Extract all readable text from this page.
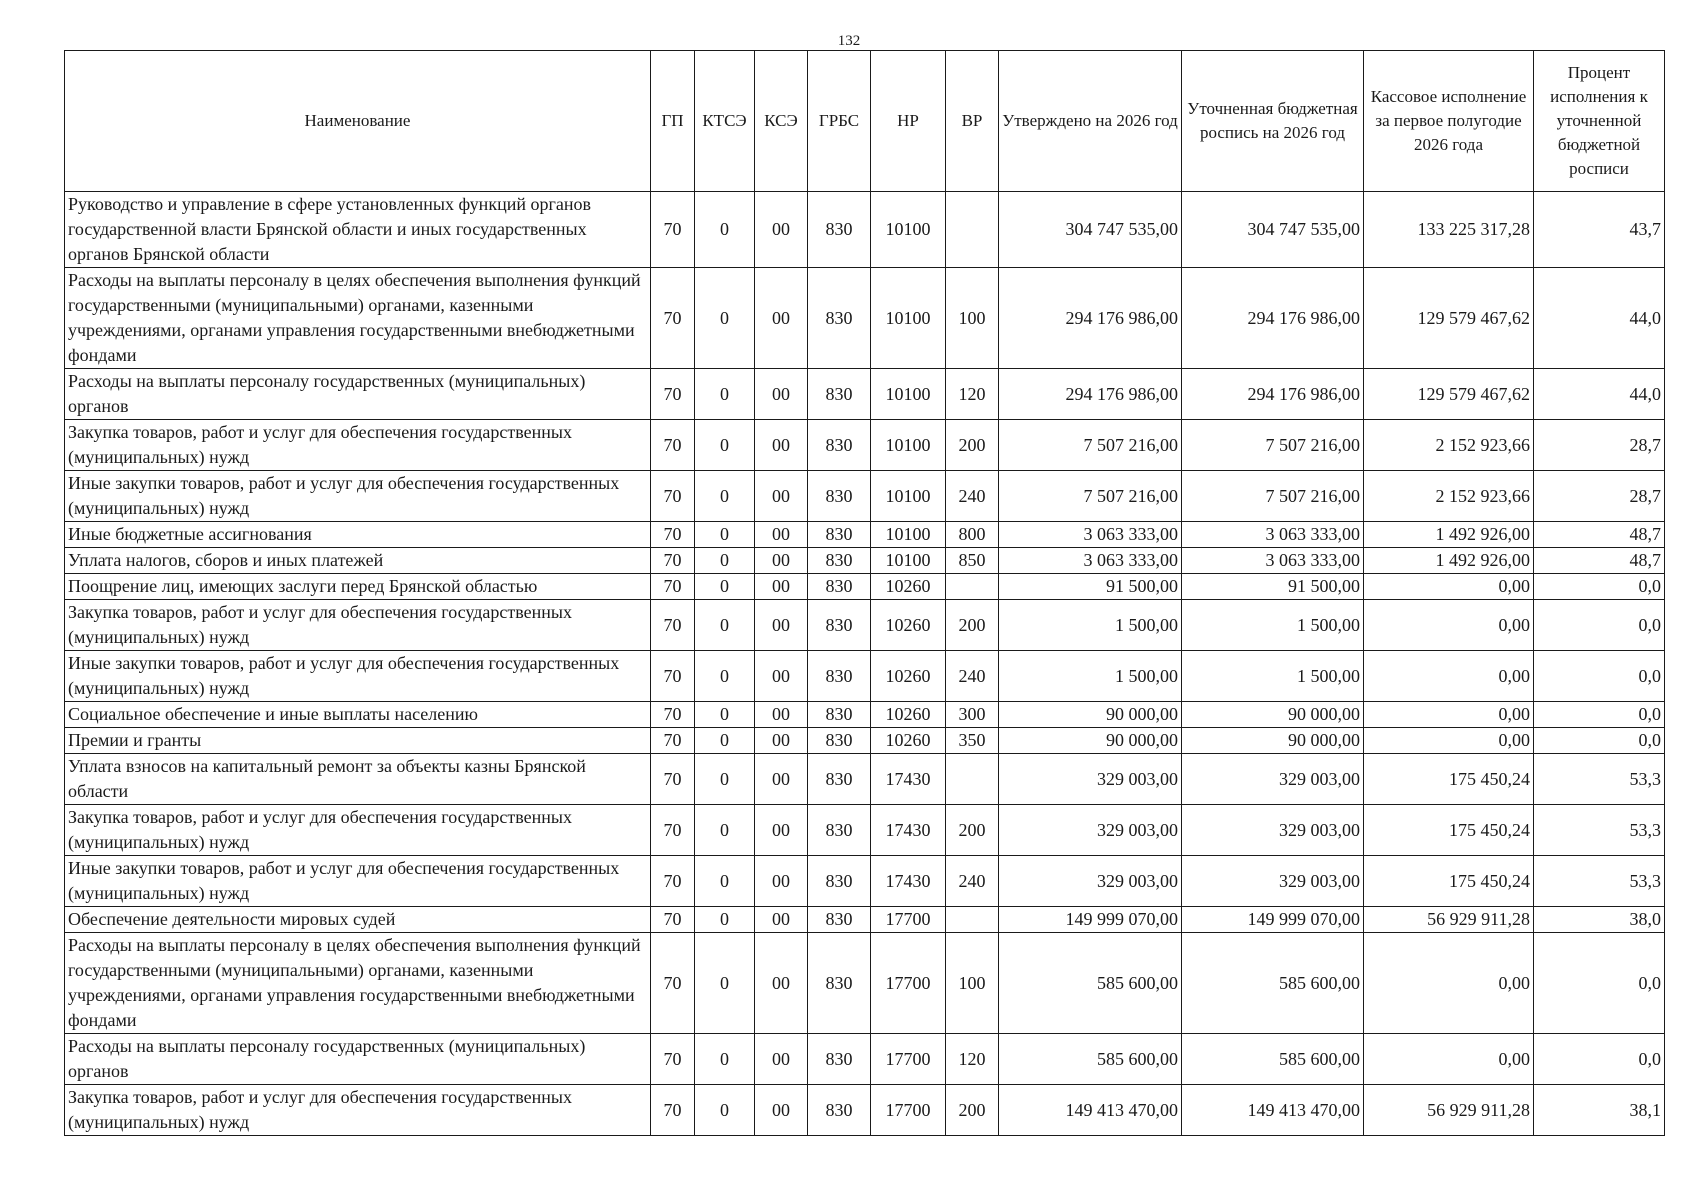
132
Наименование	ГП	КТСЭ	КСЭ	ГРБС	НР	ВР	Утверждено на 2026 год	Уточненная бюджетная роспись на 2026 год	Кассовое исполнение за первое полугодие 2026 года	Процент исполнения к уточненной бюджетной росписи
Руководство и управление в сфере установленных функций органов государственной власти Брянской области и иных государственных органов Брянской области	70	0	00	830	10100		304 747 535,00	304 747 535,00	133 225 317,28	43,7
Расходы на выплаты персоналу в целях обеспечения выполнения функций государственными (муниципальными) органами, казенными учреждениями, органами управления государственными внебюджетными фондами	70	0	00	830	10100	100	294 176 986,00	294 176 986,00	129 579 467,62	44,0
Расходы на выплаты персоналу государственных (муниципальных) органов	70	0	00	830	10100	120	294 176 986,00	294 176 986,00	129 579 467,62	44,0
Закупка товаров, работ и услуг для обеспечения государственных (муниципальных) нужд	70	0	00	830	10100	200	7 507 216,00	7 507 216,00	2 152 923,66	28,7
Иные закупки товаров, работ и услуг для обеспечения государственных (муниципальных) нужд	70	0	00	830	10100	240	7 507 216,00	7 507 216,00	2 152 923,66	28,7
Иные бюджетные ассигнования	70	0	00	830	10100	800	3 063 333,00	3 063 333,00	1 492 926,00	48,7
Уплата налогов, сборов и иных платежей	70	0	00	830	10100	850	3 063 333,00	3 063 333,00	1 492 926,00	48,7
Поощрение лиц, имеющих заслуги перед Брянской областью	70	0	00	830	10260		91 500,00	91 500,00	0,00	0,0
Закупка товаров, работ и услуг для обеспечения государственных (муниципальных) нужд	70	0	00	830	10260	200	1 500,00	1 500,00	0,00	0,0
Иные закупки товаров, работ и услуг для обеспечения государственных (муниципальных) нужд	70	0	00	830	10260	240	1 500,00	1 500,00	0,00	0,0
Социальное обеспечение и иные выплаты населению	70	0	00	830	10260	300	90 000,00	90 000,00	0,00	0,0
Премии и гранты	70	0	00	830	10260	350	90 000,00	90 000,00	0,00	0,0
Уплата взносов на капитальный ремонт за объекты казны Брянской области	70	0	00	830	17430		329 003,00	329 003,00	175 450,24	53,3
Закупка товаров, работ и услуг для обеспечения государственных (муниципальных) нужд	70	0	00	830	17430	200	329 003,00	329 003,00	175 450,24	53,3
Иные закупки товаров, работ и услуг для обеспечения государственных (муниципальных) нужд	70	0	00	830	17430	240	329 003,00	329 003,00	175 450,24	53,3
Обеспечение деятельности мировых судей	70	0	00	830	17700		149 999 070,00	149 999 070,00	56 929 911,28	38,0
Расходы на выплаты персоналу в целях обеспечения выполнения функций государственными (муниципальными) органами, казенными учреждениями, органами управления государственными внебюджетными фондами	70	0	00	830	17700	100	585 600,00	585 600,00	0,00	0,0
Расходы на выплаты персоналу государственных (муниципальных) органов	70	0	00	830	17700	120	585 600,00	585 600,00	0,00	0,0
Закупка товаров, работ и услуг для обеспечения государственных (муниципальных) нужд	70	0	00	830	17700	200	149 413 470,00	149 413 470,00	56 929 911,28	38,1
